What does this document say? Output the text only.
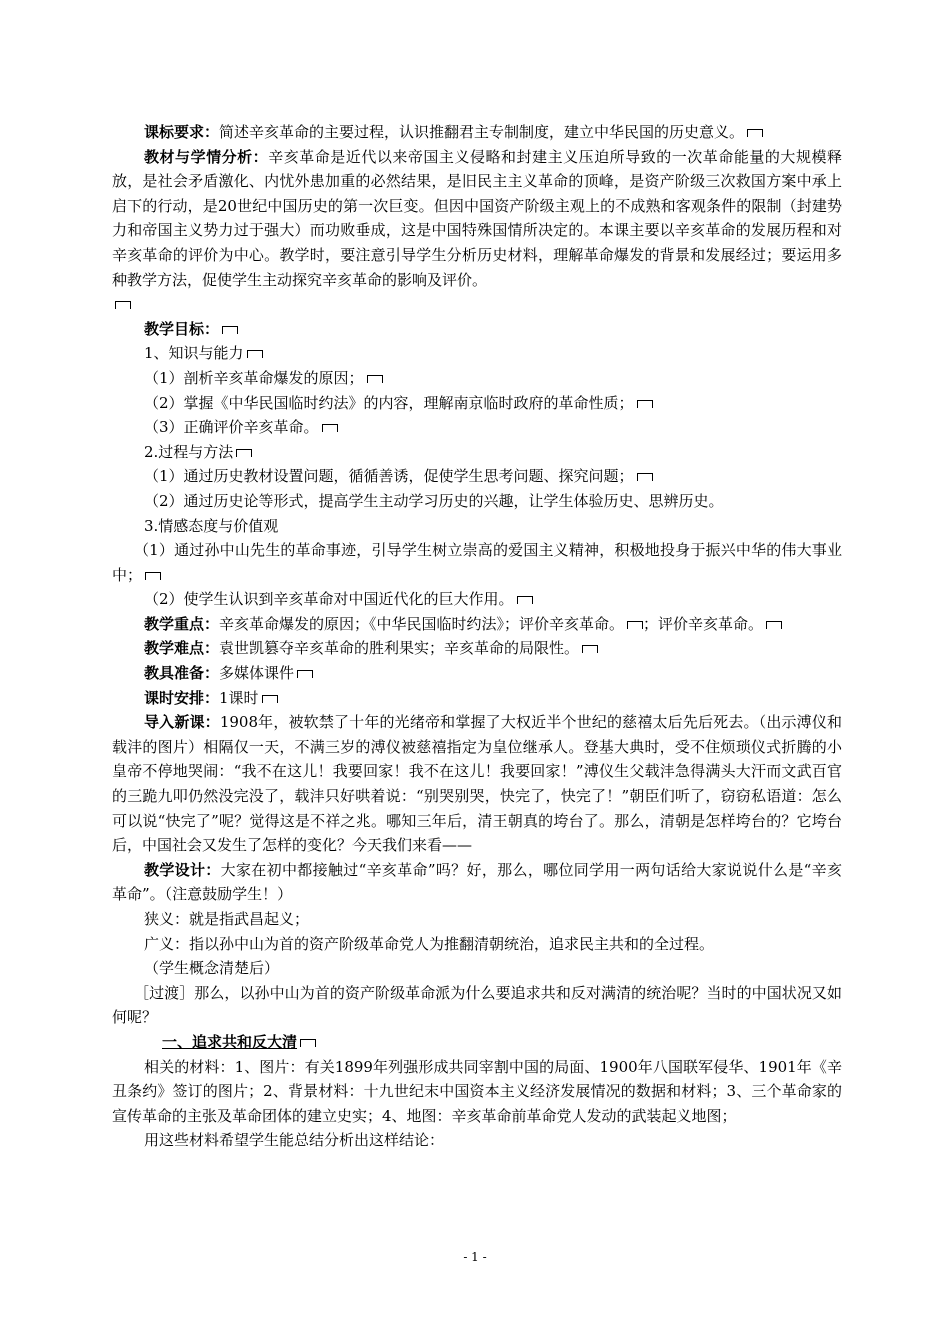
课标要求：简述辛亥革命的主要过程，认识推翻君主专制制度，建立中华民国的历史意义。

教材与学情分析：辛亥革命是近代以来帝国主义侵略和封建主义压迫所导致的一次革命能量的大规模释放，是社会矛盾激化、内忧外患加重的必然结果，是旧民主主义革命的顶峰，是资产阶级三次救国方案中承上启下的行动，是20世纪中国历史的第一次巨变。但因中国资产阶级主观上的不成熟和客观条件的限制（封建势力和帝国主义势力过于强大）而功败垂成，这是中国特殊国情所决定的。本课主要以辛亥革命的发展历程和对辛亥革命的评价为中心。教学时，要注意引导学生分析历史材料，理解革命爆发的背景和发展经过；要运用多种教学方法，促使学生主动探究辛亥革命的影响及评价。

教学目标：

1、知识与能力

（1）剖析辛亥革命爆发的原因；

（2）掌握《中华民国临时约法》的内容，理解南京临时政府的革命性质；

（3）正确评价辛亥革命。

2.过程与方法

（1）通过历史教材设置问题，循循善诱，促使学生思考问题、探究问题；

（2）通过历史论等形式，提高学生主动学习历史的兴趣，让学生体验历史、思辨历史。

3.情感态度与价值观

（1）通过孙中山先生的革命事迹，引导学生树立崇高的爱国主义精神，积极地投身于振兴中华的伟大事业中；

（2）使学生认识到辛亥革命对中国近代化的巨大作用。

教学重点：辛亥革命爆发的原因；《中华民国临时约法》；评价辛亥革命。 ；评价辛亥革命。

教学难点：袁世凯篡夺辛亥革命的胜利果实；辛亥革命的局限性。

教具准备：多媒体课件

课时安排：1课时

导入新课：1908年，被软禁了十年的光绪帝和掌握了大权近半个世纪的慈禧太后先后死去。（出示溥仪和载沣的图片）相隔仅一天，不满三岁的溥仪被慈禧指定为皇位继承人。登基大典时，受不住烦琐仪式折腾的小皇帝不停地哭闹：“我不在这儿！我要回家！我不在这儿！我要回家！”溥仪生父载沣急得满头大汗而文武百官的三跪九叩仍然没完没了，载沣只好哄着说：“别哭别哭，快完了，快完了！”朝臣们听了，窃窃私语道：怎么可以说“快完了”呢？觉得这是不祥之兆。哪知三年后，清王朝真的垮台了。那么，清朝是怎样垮台的？它垮台后，中国社会又发生了怎样的变化？今天我们来看——

教学设计：大家在初中都接触过“辛亥革命”吗？好，那么，哪位同学用一两句话给大家说说什么是“辛亥革命”。（注意鼓励学生！）

狭义：就是指武昌起义；

广义：指以孙中山为首的资产阶级革命党人为推翻清朝统治，追求民主共和的全过程。

（学生概念清楚后）

［过渡］那么，以孙中山为首的资产阶级革命派为什么要追求共和反对满清的统治呢？当时的中国状况又如何呢？

一、追求共和反大清

相关的材料：1、图片：有关1899年列强形成共同宰割中国的局面、1900年八国联军侵华、1901年《辛丑条约》签订的图片；2、背景材料：十九世纪末中国资本主义经济发展情况的数据和材料；3、三个革命家的宣传革命的主张及革命团体的建立史实；4、地图：辛亥革命前革命党人发动的武装起义地图；

用这些材料希望学生能总结分析出这样结论：

- 1 -
